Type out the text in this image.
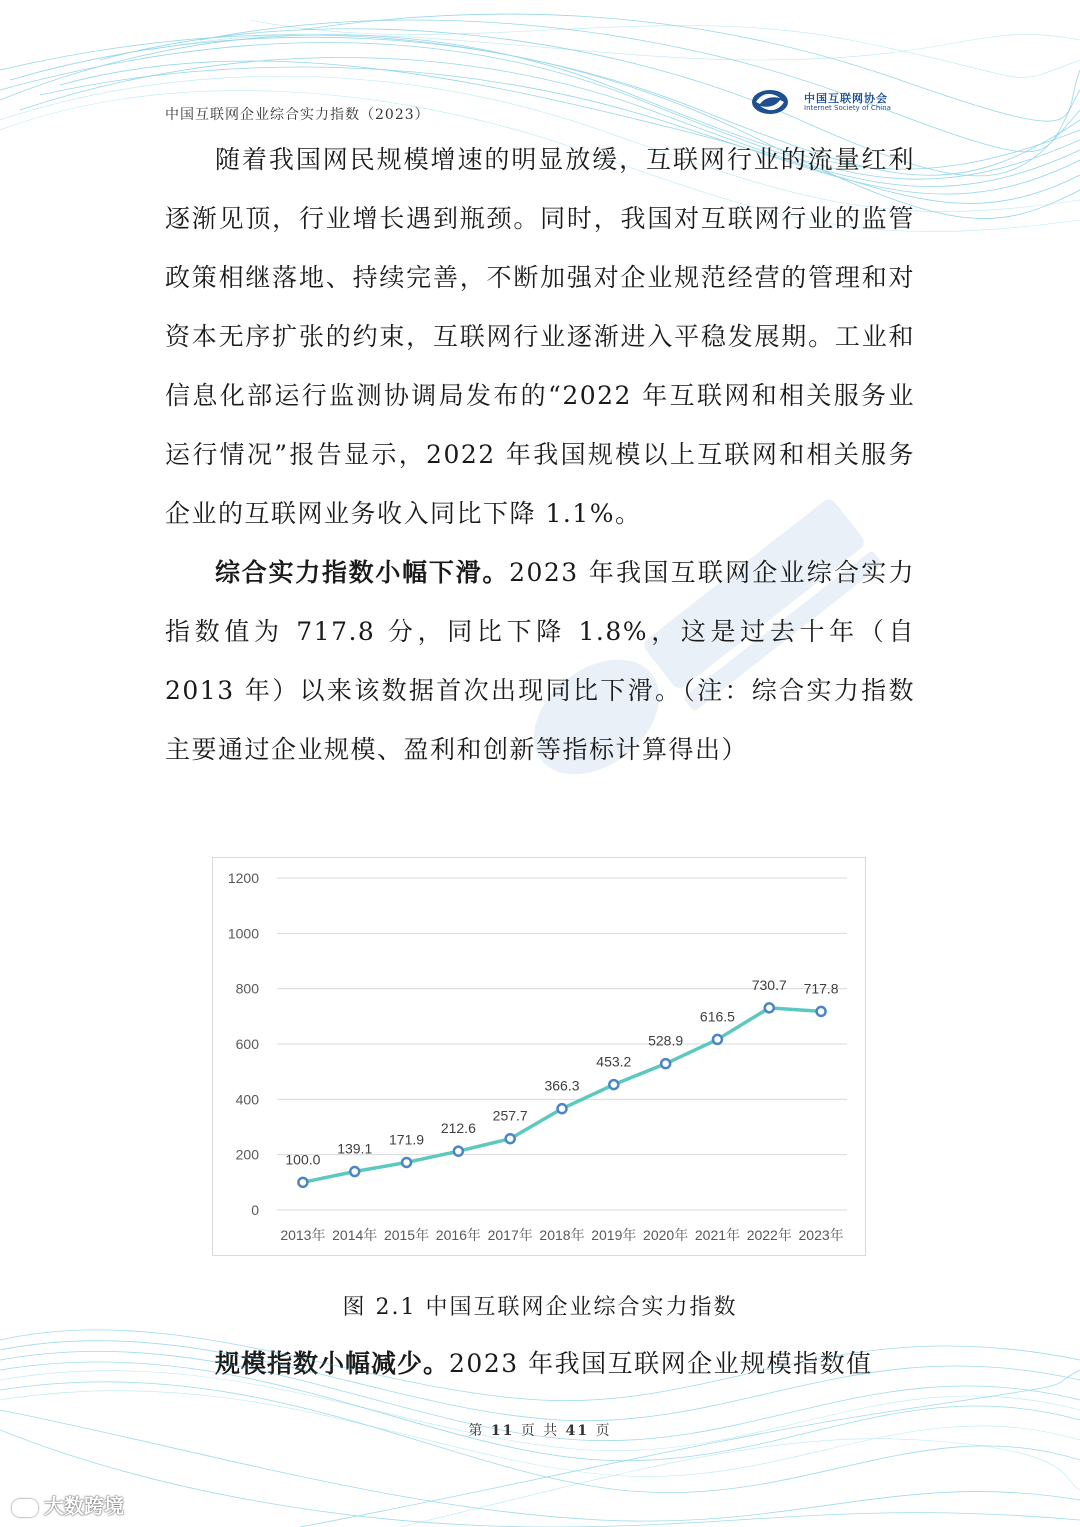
中国互联网企业综合实力指数（2023）
中国互联网协会
Internet Society of China

随着我国网民规模增速的明显放缓，互联网行业的流量红利逐渐见顶，行业增长遇到瓶颈。同时，我国对互联网行业的监管政策相继落地、持续完善，不断加强对企业规范经营的管理和对资本无序扩张的约束，互联网行业逐渐进入平稳发展期。工业和信息化部运行监测协调局发布的“2022 年互联网和相关服务业运行情况”报告显示，2022 年我国规模以上互联网和相关服务企业的互联网业务收入同比下降 1.1%。

综合实力指数小幅下滑。2023 年我国互联网企业综合实力指数值为 717.8 分，同比下降 1.8%，这是过去十年（自 2013 年）以来该数据首次出现同比下滑。（注：综合实力指数主要通过企业规模、盈利和创新等指标计算得出）

0
200
400
600
800
1000
1200
2013年 2014年 2015年 2016年 2017年 2018年 2019年 2020年 2021年 2022年 2023年
100.0
139.1
171.9
212.6
257.7
366.3
453.2
528.9
616.5
730.7 717.8
图 2.1 中国互联网企业综合实力指数

规模指数小幅减少。2023 年我国互联网企业规模指数值

第 11 页 共 41 页
大数跨境
